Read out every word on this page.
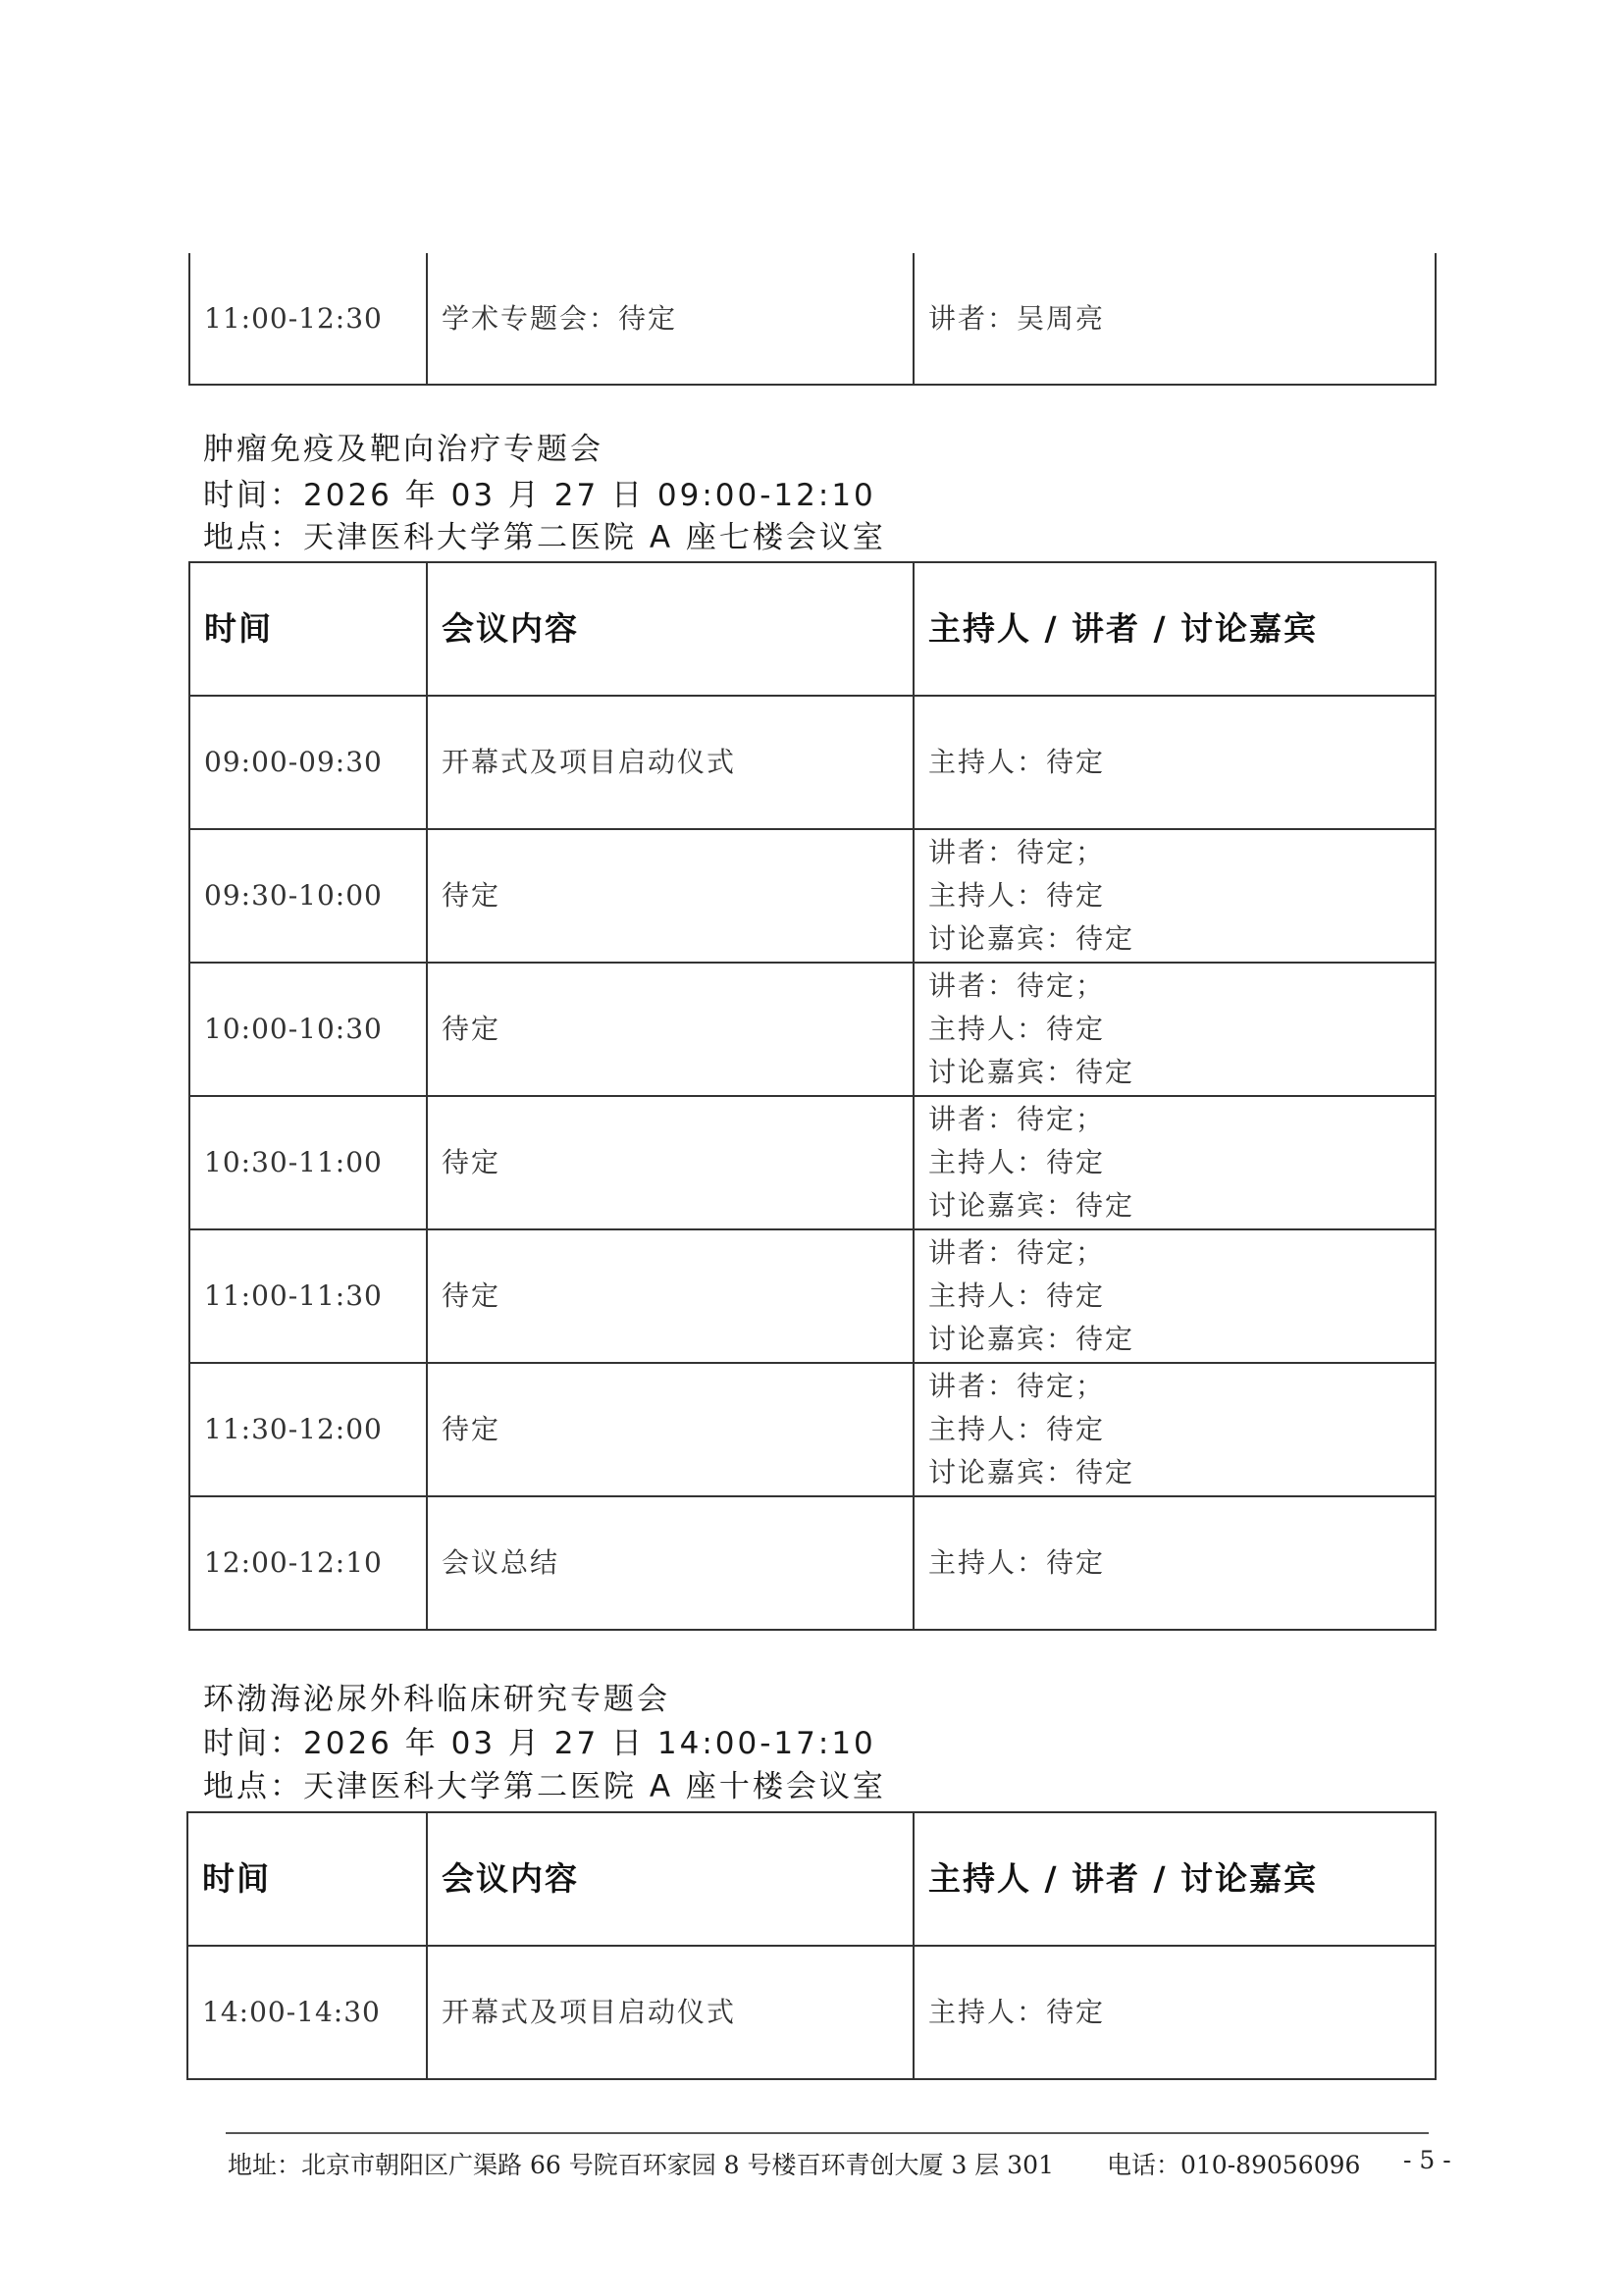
11:00-12:30	学术专题会：待定	讲者：吴周亮
肿瘤免疫及靶向治疗专题会
时间：2026 年 03 月 27 日 09:00-12:10
地点：天津医科大学第二医院 A 座七楼会议室
时间	会议内容	主持人 / 讲者 / 讨论嘉宾
09:00-09:30	开幕式及项目启动仪式	主持人：待定

09:30-10:00	待定	讲者：待定；
主持人：待定
讨论嘉宾：待定

10:00-10:30	待定	讲者：待定；
主持人：待定
讨论嘉宾：待定

10:30-11:00	待定	讲者：待定；
主持人：待定
讨论嘉宾：待定

11:00-11:30	待定	讲者：待定；
主持人：待定
讨论嘉宾：待定

11:30-12:00	待定	讲者：待定；
主持人：待定
讨论嘉宾：待定

12:00-12:10	会议总结	主持人：待定
环渤海泌尿外科临床研究专题会
时间：2026 年 03 月 27 日 14:00-17:10
地点：天津医科大学第二医院 A 座十楼会议室
时间	会议内容	主持人 / 讲者 / 讨论嘉宾
14:00-14:30	开幕式及项目启动仪式	主持人：待定
地址：北京市朝阳区广渠路 66 号院百环家园 8 号楼百环青创大厦 3 层 301 电话：010-89056096 - 5 -
